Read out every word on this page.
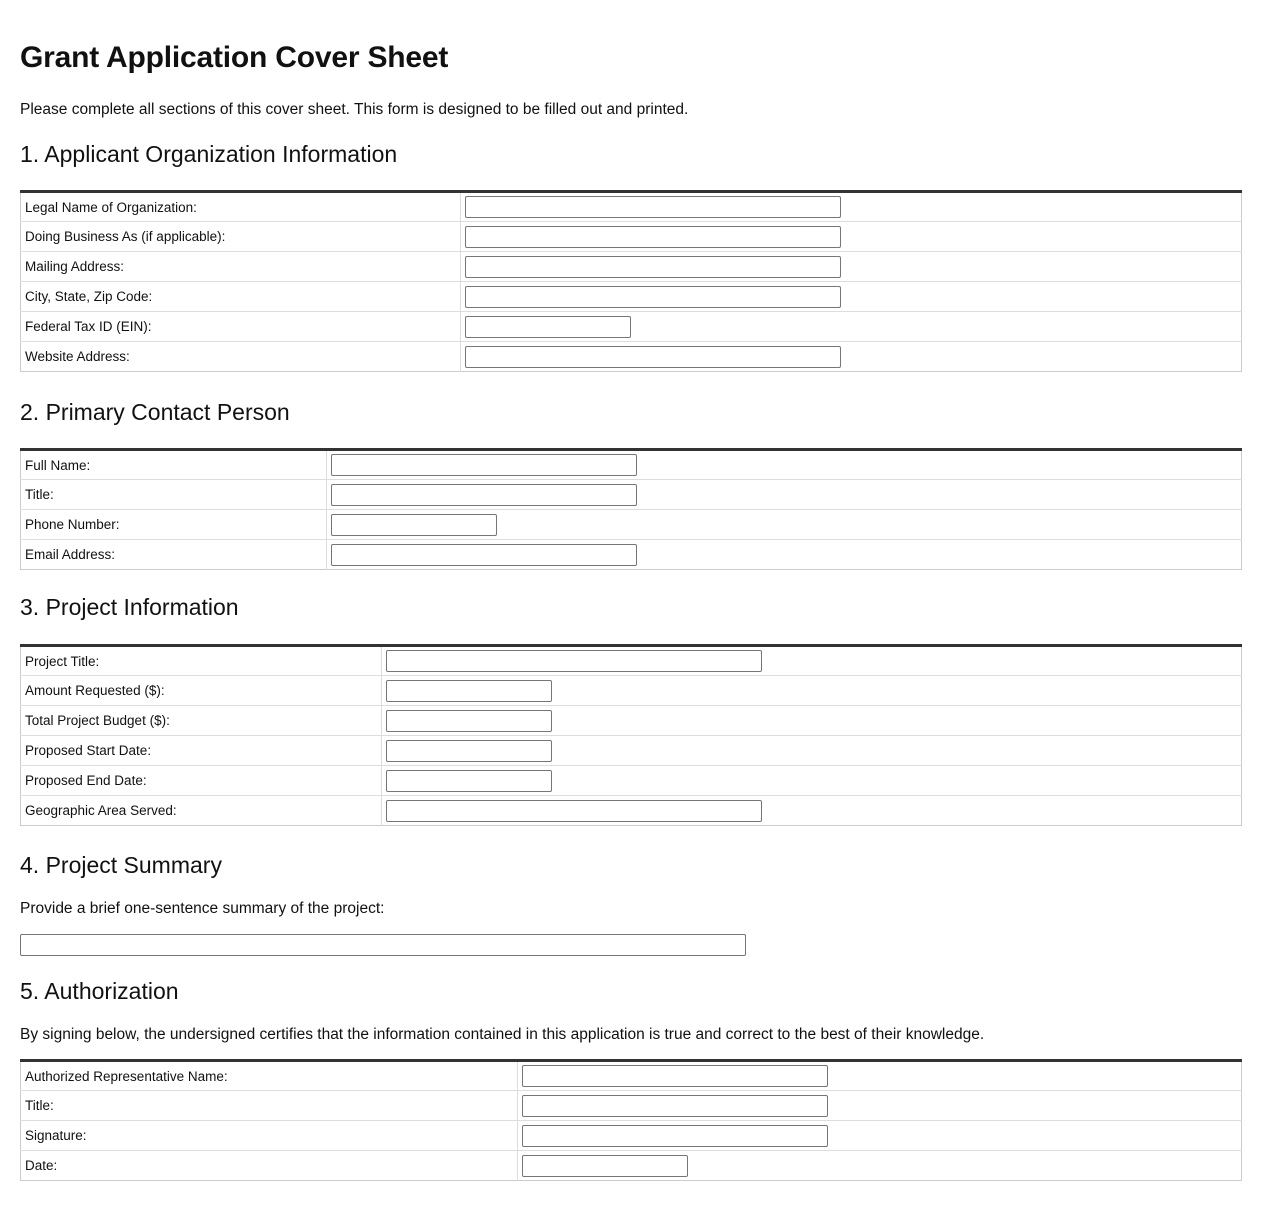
Grant Application Cover Sheet

Please complete all sections of this cover sheet. This form is designed to be filled out and printed.

1. Applicant Organization Information
Legal Name of Organization:	

Doing Business As (if applicable):	

Mailing Address:	

City, State, Zip Code:	

Federal Tax ID (EIN):	

Website Address:	
2. Primary Contact Person
Full Name:	

Title:	

Phone Number:	

Email Address:	
3. Project Information
Project Title:	

Amount Requested ($):	

Total Project Budget ($):	

Proposed Start Date:	

Proposed End Date:	

Geographic Area Served:	
4. Project Summary

Provide a brief one-sentence summary of the project:

5. Authorization

By signing below, the undersigned certifies that the information contained in this application is true and correct to the best of their knowledge.

Authorized Representative Name:	

Title:	

Signature:	

Date:	
